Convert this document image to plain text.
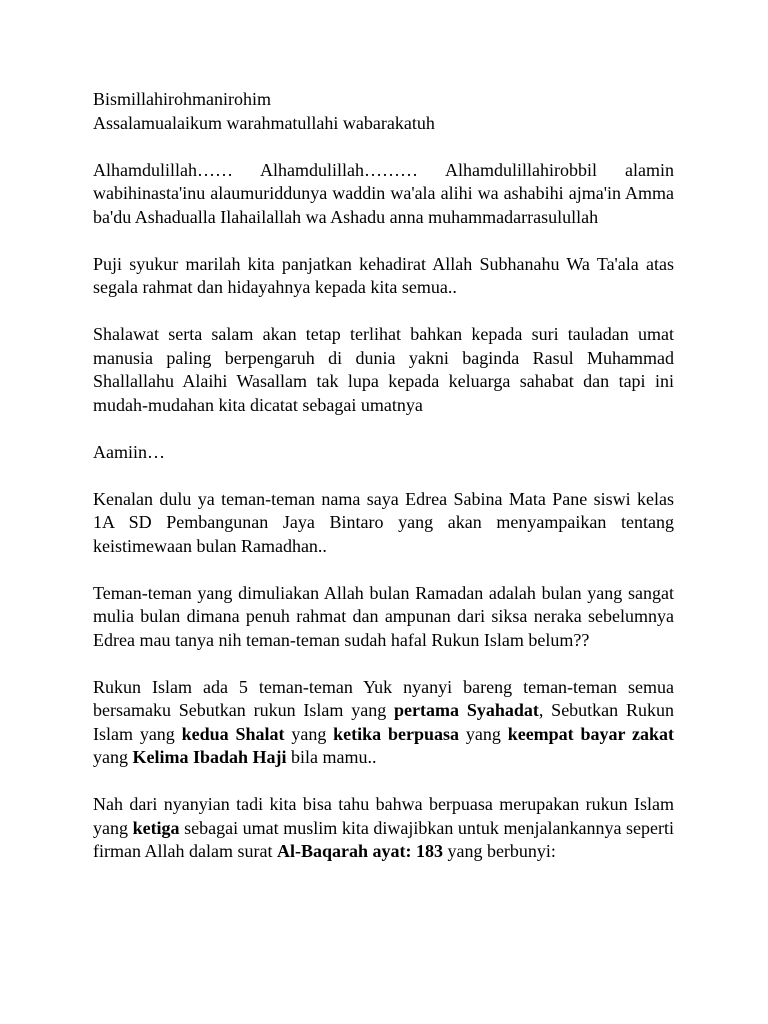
Bismillahirohmanirohim
Assalamualaikum warahmatullahi wabarakatuh

Alhamdulillah…… Alhamdulillah……… Alhamdulillahirobbil alamin wabihinasta'inu alaumuriddunya waddin wa'ala alihi wa ashabihi ajma'in Amma ba'du Ashadualla Ilahailallah wa Ashadu anna muhammadarrasulullah

Puji syukur marilah kita panjatkan kehadirat Allah Subhanahu Wa Ta'ala atas segala rahmat dan hidayahnya kepada kita semua..

Shalawat serta salam akan tetap terlihat bahkan kepada suri tauladan umat manusia paling berpengaruh di dunia yakni baginda Rasul Muhammad Shallallahu Alaihi Wasallam tak lupa kepada keluarga sahabat dan tapi ini mudah-mudahan kita dicatat sebagai umatnya

Aamiin…

Kenalan dulu ya teman-teman nama saya Edrea Sabina Mata Pane siswi kelas 1A SD Pembangunan Jaya Bintaro yang akan menyampaikan tentang keistimewaan bulan Ramadhan..

Teman-teman yang dimuliakan Allah bulan Ramadan adalah bulan yang sangat mulia bulan dimana penuh rahmat dan ampunan dari siksa neraka sebelumnya Edrea mau tanya nih teman-teman sudah hafal Rukun Islam belum??

Rukun Islam ada 5 teman-teman Yuk nyanyi bareng teman-teman semua bersamaku Sebutkan rukun Islam yang pertama Syahadat, Sebutkan Rukun Islam yang kedua Shalat yang ketika berpuasa yang keempat bayar zakat yang Kelima Ibadah Haji bila mamu..

Nah dari nyanyian tadi kita bisa tahu bahwa berpuasa merupakan rukun Islam yang ketiga sebagai umat muslim kita diwajibkan untuk menjalankannya seperti firman Allah dalam surat Al-Baqarah ayat: 183 yang berbunyi:
